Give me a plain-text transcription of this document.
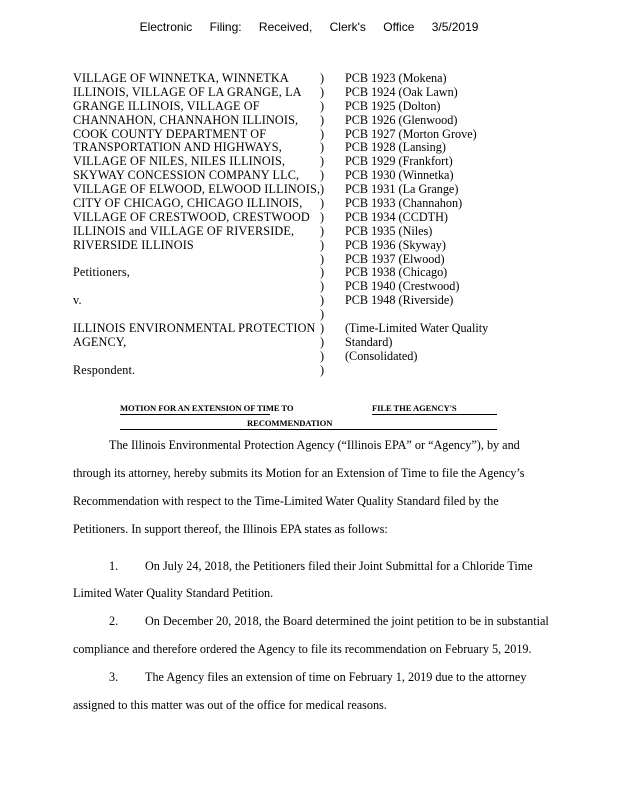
Electronic Filing: Received, Clerk's Office 3/5/2019
VILLAGE OF WINNETKA, WINNETKA	)	PCB 1923 (Mokena)
ILLINOIS, VILLAGE OF LA GRANGE, LA	)	PCB 1924 (Oak Lawn)
GRANGE ILLINOIS, VILLAGE OF	)	PCB 1925 (Dolton)
CHANNAHON, CHANNAHON ILLINOIS,	)	PCB 1926 (Glenwood)
COOK COUNTY DEPARTMENT OF	)	PCB 1927 (Morton Grove)
TRANSPORTATION AND HIGHWAYS,	)	PCB 1928 (Lansing)
VILLAGE OF NILES, NILES ILLINOIS,	)	PCB 1929 (Frankfort)
SKYWAY CONCESSION COMPANY LLC,	)	PCB 1930 (Winnetka)
VILLAGE OF ELWOOD, ELWOOD ILLINOIS, )	PCB 1931 (La Grange)
CITY OF CHICAGO, CHICAGO ILLINOIS,	)	PCB 1933 (Channahon)
VILLAGE OF CRESTWOOD, CRESTWOOD )	PCB 1934 (CCDTH)
ILLINOIS and VILLAGE OF RIVERSIDE,	)	PCB 1935 (Niles)
RIVERSIDE ILLINOIS	)	PCB 1936 (Skyway)
)	PCB 1937 (Elwood)
Petitioners,	)	PCB 1938 (Chicago)
)	PCB 1940 (Crestwood)
v.	)	PCB 1948 (Riverside)
)
ILLINOIS ENVIRONMENTAL PROTECTION )	(Time-Limited Water Quality
AGENCY,	)	Standard)
)	(Consolidated)
Respondent.	)
MOTION FOR AN EXTENSION OF TIME TO	FILE THE AGENCY'S
RECOMMENDATION
The Illinois Environmental Protection Agency (“Illinois EPA” or “Agency”), by and
through its attorney, hereby submits its Motion for an Extension of Time to file the Agency’s
Recommendation with respect to the Time-Limited Water Quality Standard filed by the
Petitioners. In support thereof, the Illinois EPA states as follows:
1.	On July 24, 2018, the Petitioners filed their Joint Submittal for a Chloride Time
Limited Water Quality Standard Petition.
2.	On December 20, 2018, the Board determined the joint petition to be in substantial
compliance and therefore ordered the Agency to file its recommendation on February 5, 2019.
3.	The Agency files an extension of time on February 1, 2019 due to the attorney
assigned to this matter was out of the office for medical reasons.
